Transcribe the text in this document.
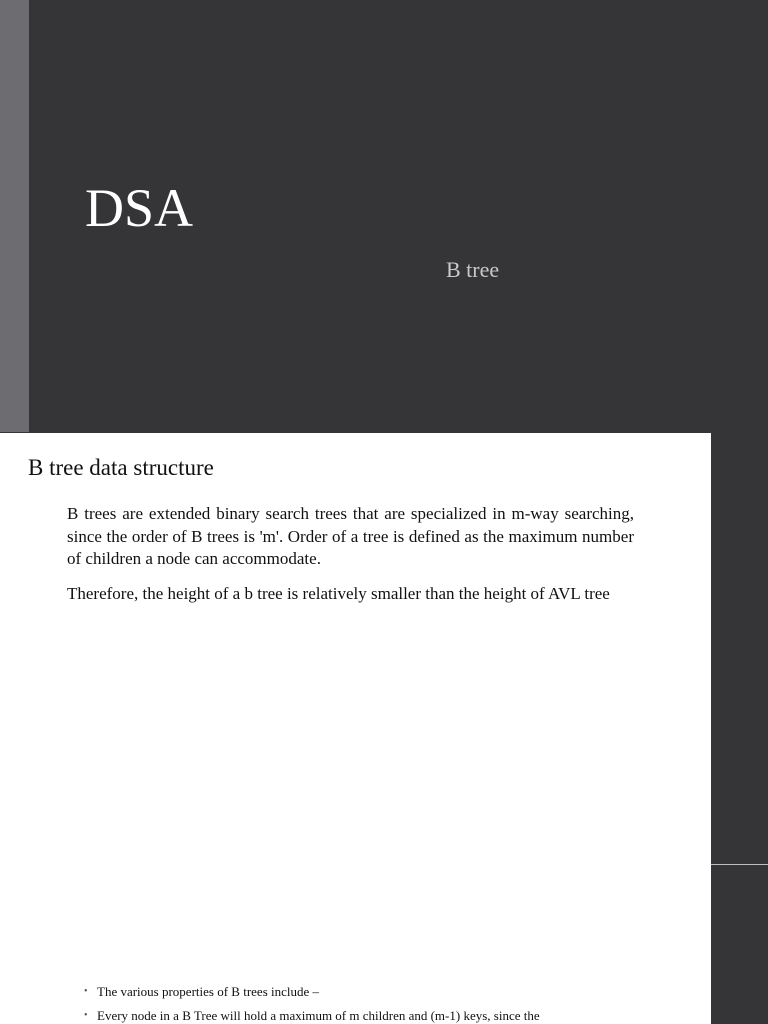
DSA
B tree
B tree data structure

B trees are extended binary search trees that are specialized in m-way searching, since the order of B trees is 'm'. Order of a tree is defined as the maximum number of children a node can accommodate.

Therefore, the height of a b tree is relatively smaller than the height of AVL tree

• The various properties of B trees include –
• Every node in a B Tree will hold a maximum of m children and (m-1) keys, since the
